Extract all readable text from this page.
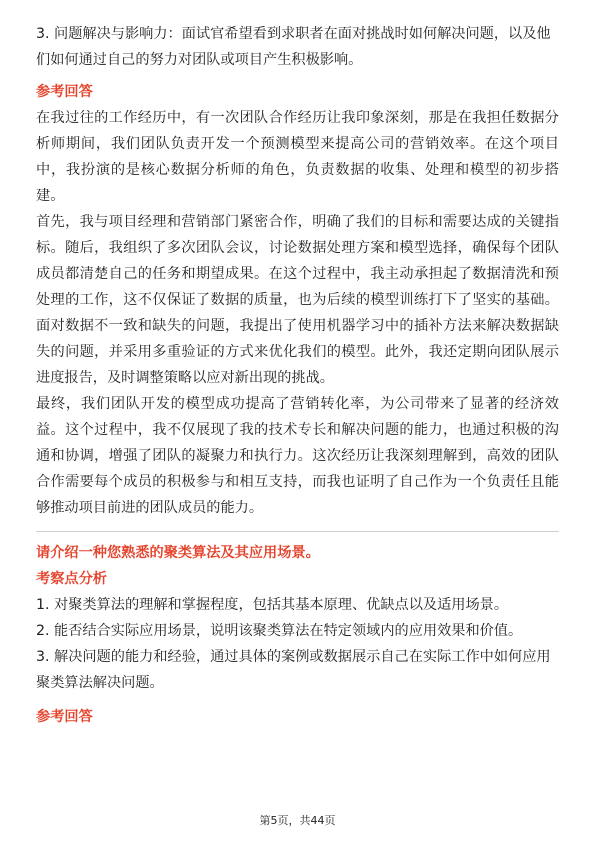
3. 问题解决与影响力：面试官希望看到求职者在面对挑战时如何解决问题，以及他们如何通过自己的努力对团队或项目产生积极影响。

参考回答

在我过往的工作经历中，有一次团队合作经历让我印象深刻，那是在我担任数据分析师期间，我们团队负责开发一个预测模型来提高公司的营销效率。在这个项目中，我扮演的是核心数据分析师的角色，负责数据的收集、处理和模型的初步搭建。

首先，我与项目经理和营销部门紧密合作，明确了我们的目标和需要达成的关键指标。随后，我组织了多次团队会议，讨论数据处理方案和模型选择，确保每个团队成员都清楚自己的任务和期望成果。在这个过程中，我主动承担起了数据清洗和预处理的工作，这不仅保证了数据的质量，也为后续的模型训练打下了坚实的基础。面对数据不一致和缺失的问题，我提出了使用机器学习中的插补方法来解决数据缺失的问题，并采用多重验证的方式来优化我们的模型。此外，我还定期向团队展示进度报告，及时调整策略以应对新出现的挑战。

最终，我们团队开发的模型成功提高了营销转化率，为公司带来了显著的经济效益。这个过程中，我不仅展现了我的技术专长和解决问题的能力，也通过积极的沟通和协调，增强了团队的凝聚力和执行力。这次经历让我深刻理解到，高效的团队合作需要每个成员的积极参与和相互支持，而我也证明了自己作为一个负责任且能够推动项目前进的团队成员的能力。

请介绍一种您熟悉的聚类算法及其应用场景。

考察点分析

1. 对聚类算法的理解和掌握程度，包括其基本原理、优缺点以及适用场景。

2. 能否结合实际应用场景，说明该聚类算法在特定领域内的应用效果和价值。

3. 解决问题的能力和经验，通过具体的案例或数据展示自己在实际工作中如何应用聚类算法解决问题。

参考回答

第5页，共44页
